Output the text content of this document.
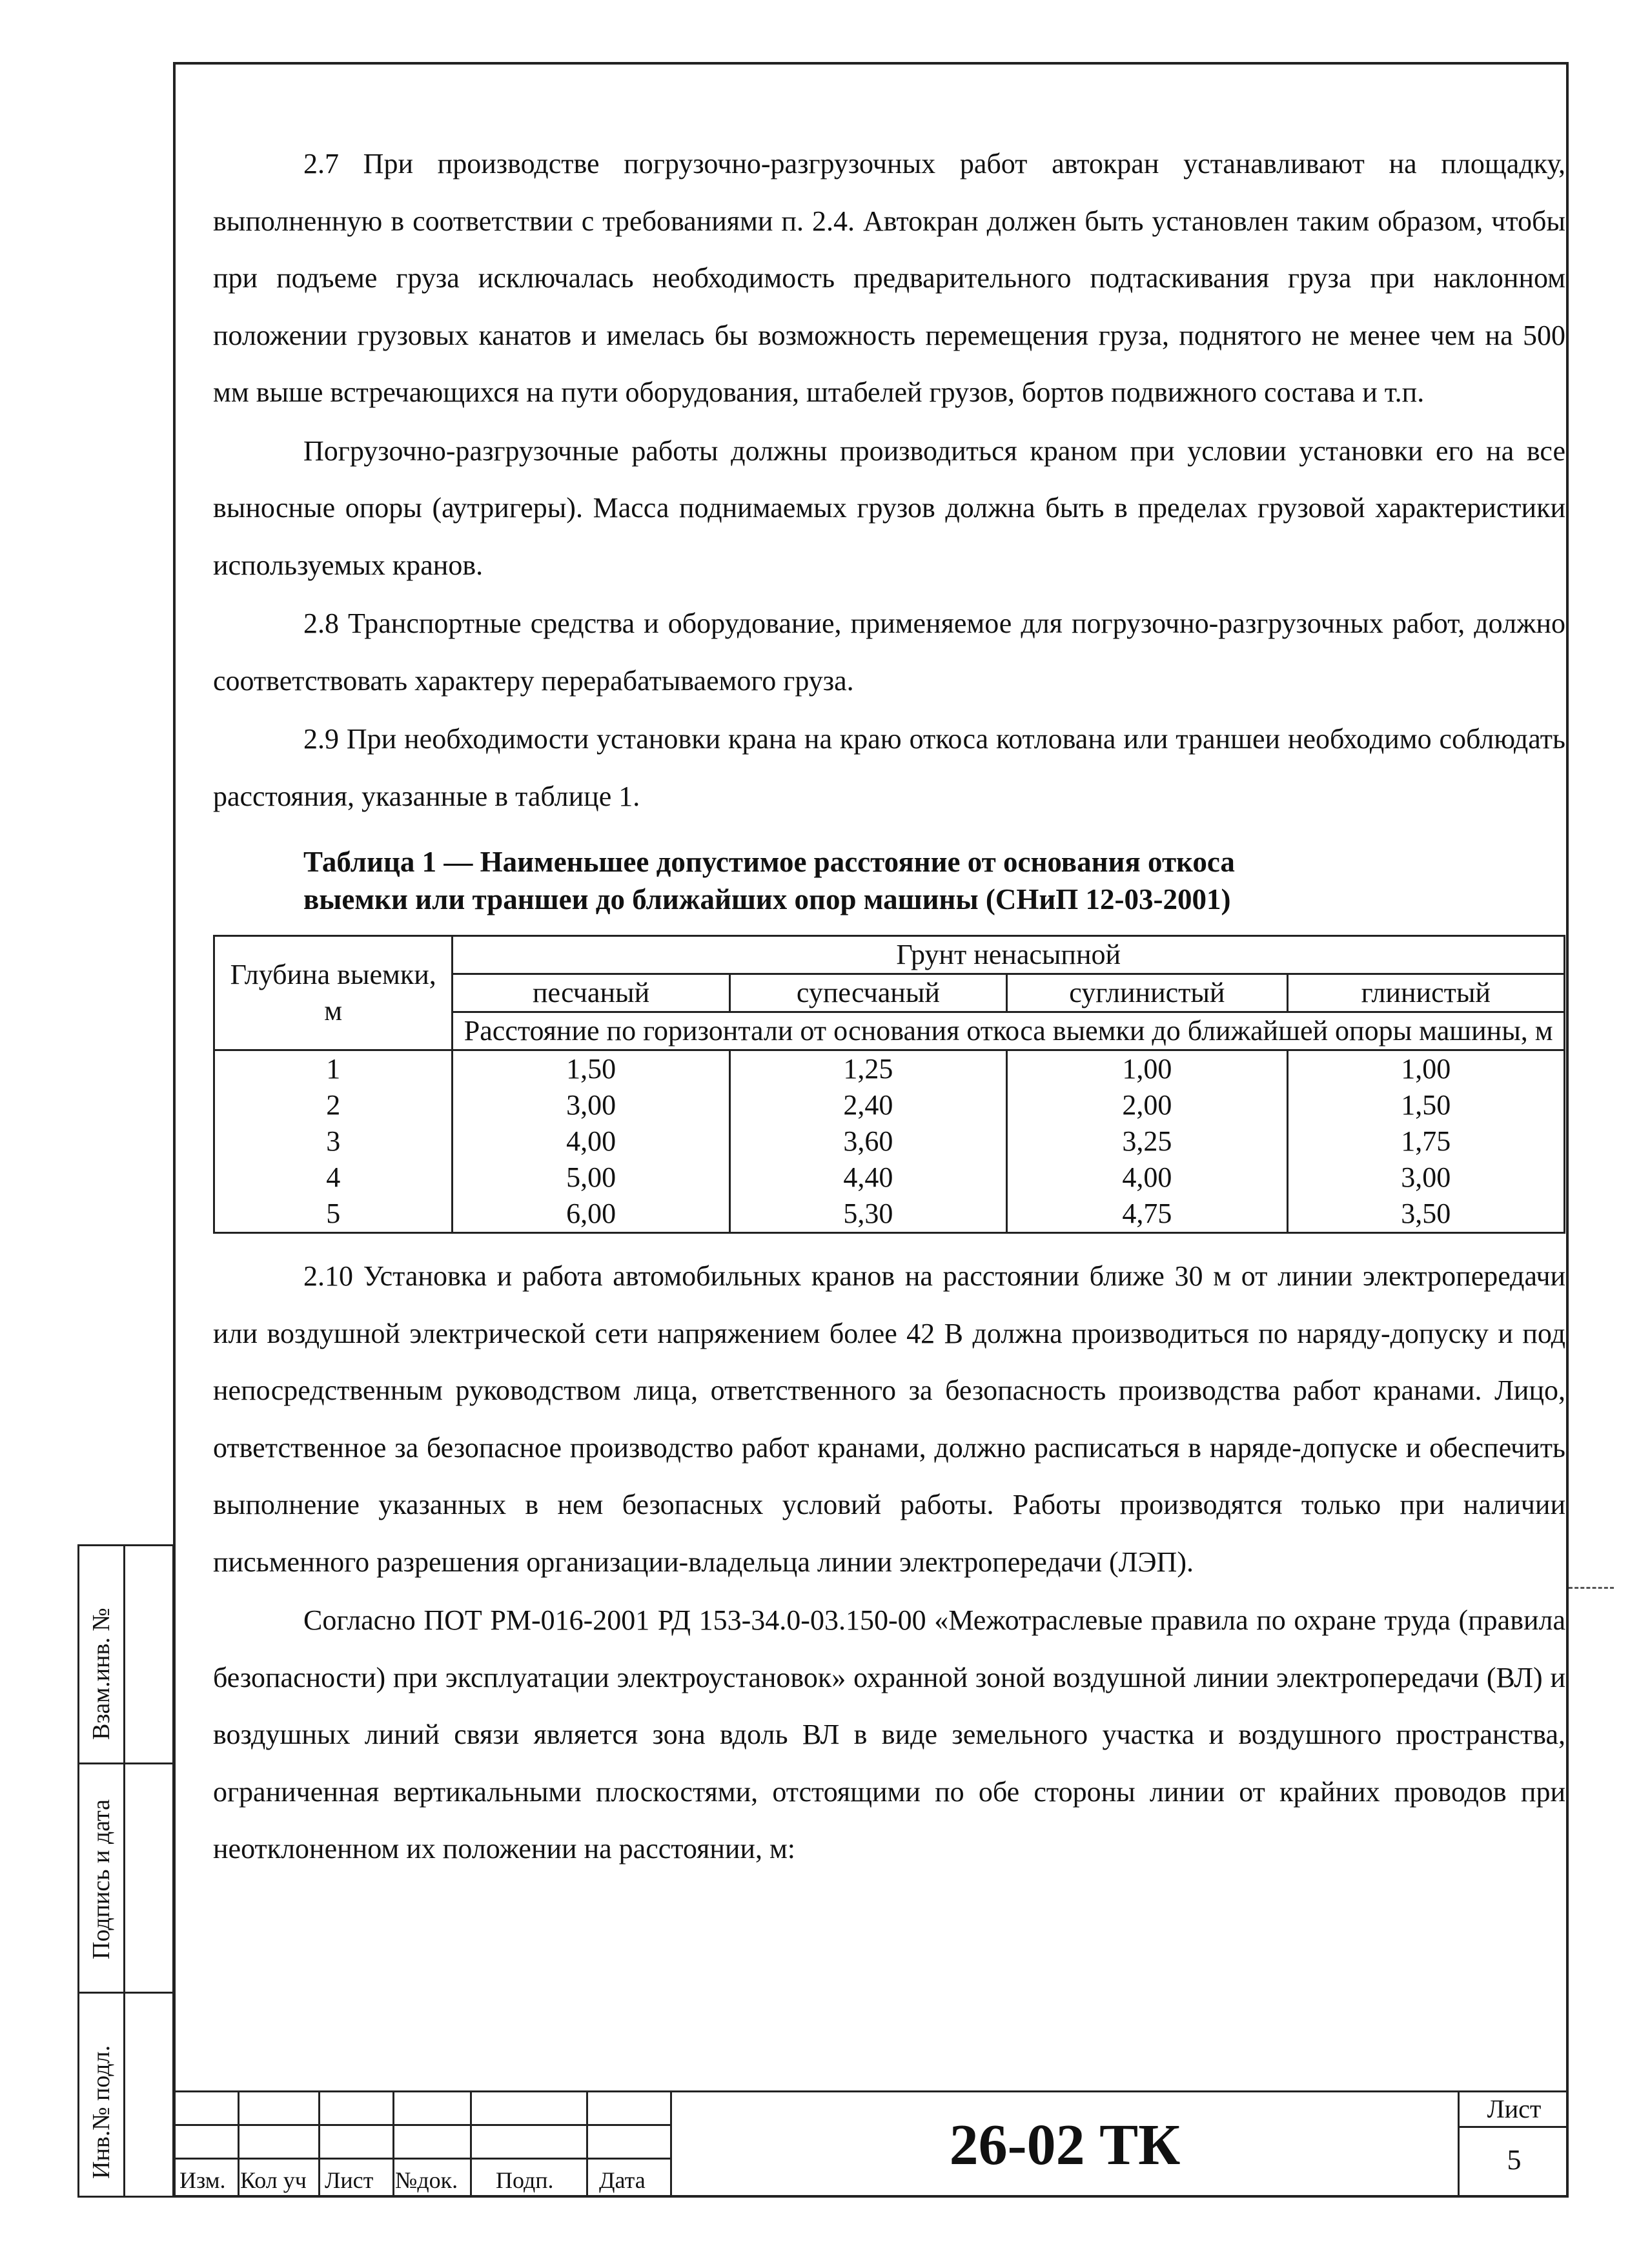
2.7 При производстве погрузочно-разгрузочных работ автокран устанавливают на площадку, выполненную в соответствии с требованиями п. 2.4. Автокран должен быть установлен таким образом, чтобы при подъеме груза исключалась необходимость предварительного подтаскивания груза при наклонном положении грузовых канатов и имелась бы возможность перемещения груза, поднятого не менее чем на 500 мм выше встречающихся на пути оборудования, штабелей грузов, бортов подвижного состава и т.п.

Погрузочно-разгрузочные работы должны производиться краном при условии установки его на все выносные опоры (аутригеры). Масса поднимаемых грузов должна быть в пределах грузовой характеристики используемых кранов.

2.8 Транспортные средства и оборудование, применяемое для погрузочно-разгрузочных работ, должно соответствовать характеру перерабатываемого груза.

2.9 При необходимости установки крана на краю откоса котлована или траншеи необходимо соблюдать расстояния, указанные в таблице 1.

Таблица 1 — Наименьшее допустимое расстояние от основания откоса
выемки или траншеи до ближайших опор машины (СНиП 12-03-2001)
Глубина выемки, м	Грунт ненасыпной			
	песчаный	супесчаный	суглинистый	глинистый
	Расстояние по горизонтали от основания откоса выемки до ближайшей опоры машины, м			
1	1,50	1,25	1,00	1,00
2	3,00	2,40	2,00	1,50
3	4,00	3,60	3,25	1,75
4	5,00	4,40	4,00	3,00
5	6,00	5,30	4,75	3,50

2.10 Установка и работа автомобильных кранов на расстоянии ближе 30 м от линии электропередачи или воздушной электрической сети напряжением более 42 В должна производиться по наряду-допуску и под непосредственным руководством лица, ответственного за безопасность производства работ кранами. Лицо, ответственное за безопасное производство работ кранами, должно расписаться в наряде-допуске и обеспечить выполнение указанных в нем безопасных условий работы. Работы производятся только при наличии письменного разрешения организации-владельца линии электропередачи (ЛЭП).

Согласно ПОТ РМ-016-2001 РД 153-34.0-03.150-00 «Межотраслевые правила по охране труда (правила безопасности) при эксплуатации электроустановок» охранной зоной воздушной линии электропередачи (ВЛ) и воздушных линий связи является зона вдоль ВЛ в виде земельного участка и воздушного пространства, ограниченная вертикальными плоскостями, отстоящими по обе стороны линии от крайних проводов при неотклоненном их положении на расстоянии, м:

Взам.инв. №
Подпись и дата
Инв.№ подл.
Изм. Кол уч Лист №док. Подп. Дата
26-02 ТК
Лист
5
